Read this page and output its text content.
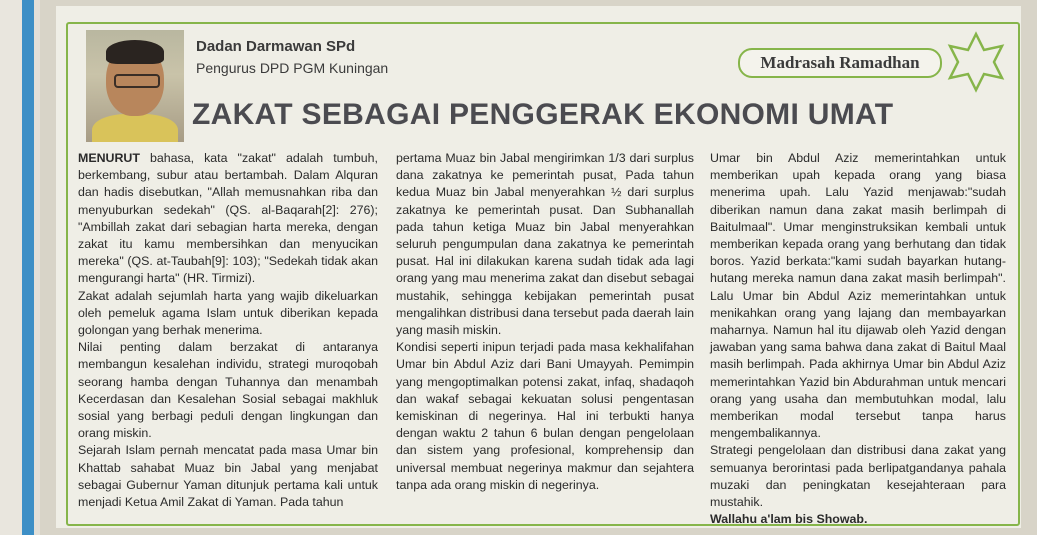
Dadan Darmawan SPd
Pengurus DPD PGM Kuningan	Madrasah Ramadhan
ZAKAT SEBAGAI PENGGERAK EKONOMI UMAT

MENURUT bahasa, kata "zakat" adalah tumbuh, berkembang, subur atau bertambah. Dalam Alquran dan hadis disebutkan, "Allah memusnahkan riba dan menyuburkan sedekah" (QS. al-Baqarah[2]: 276); "Ambillah zakat dari sebagian harta mereka, dengan zakat itu kamu membersihkan dan menyucikan mereka" (QS. at-Taubah[9]: 103); "Sedekah tidak akan mengurangi harta" (HR. Tirmizi).

Zakat adalah sejumlah harta yang wajib dikeluarkan oleh pemeluk agama Islam untuk diberikan kepada golongan yang berhak menerima.

Nilai penting dalam berzakat di antaranya membangun kesalehan individu, strategi muroqobah seorang hamba dengan Tuhannya dan menambah Kecerdasan dan Kesalehan Sosial sebagai makhluk sosial yang berbagi peduli dengan lingkungan dan orang miskin.

Sejarah Islam pernah mencatat pada masa Umar bin Khattab sahabat Muaz bin Jabal yang menjabat sebagai Gubernur Yaman ditunjuk pertama kali untuk menjadi Ketua Amil Zakat di Yaman. Pada tahun

pertama Muaz bin Jabal mengirimkan 1/3 dari surplus dana zakatnya ke pemerintah pusat, Pada tahun kedua Muaz bin Jabal menyerahkan ½ dari surplus zakatnya ke pemerintah pusat. Dan Subhanallah pada tahun ketiga Muaz bin Jabal menyerahkan seluruh pengumpulan dana zakatnya ke pemerintah pusat. Hal ini dilakukan karena sudah tidak ada lagi orang yang mau menerima zakat dan disebut sebagai mustahik, sehingga kebijakan pemerintah pusat mengalihkan distribusi dana tersebut pada daerah lain yang masih miskin.

Kondisi seperti inipun terjadi pada masa kekhalifahan Umar bin Abdul Aziz dari Bani Umayyah. Pemimpin yang mengoptimalkan potensi zakat, infaq, shadaqoh dan wakaf sebagai kekuatan solusi pengentasan kemiskinan di negerinya. Hal ini terbukti hanya dengan waktu 2 tahun 6 bulan dengan pengelolaan dan sistem yang profesional, komprehensip dan universal membuat negerinya makmur dan sejahtera tanpa ada orang miskin di negerinya.

Umar bin Abdul Aziz memerintahkan untuk memberikan upah kepada orang yang biasa menerima upah. Lalu Yazid menjawab:"sudah diberikan namun dana zakat masih berlimpah di Baitulmaal". Umar menginstruksikan kembali untuk memberikan kepada orang yang berhutang dan tidak boros. Yazid berkata:"kami sudah bayarkan hutang-hutang mereka namun dana zakat masih berlimpah". Lalu Umar bin Abdul Aziz memerintahkan untuk menikahkan orang yang lajang dan membayarkan maharnya. Namun hal itu dijawab oleh Yazid dengan jawaban yang sama bahwa dana zakat di Baitul Maal masih berlimpah. Pada akhirnya Umar bin Abdul Aziz memerintahkan Yazid bin Abdurahman untuk mencari orang yang usaha dan membutuhkan modal, lalu memberikan modal tersebut tanpa harus mengembalikannya.

Strategi pengelolaan dan distribusi dana zakat yang semuanya berorintasi pada berlipatgandanya pahala muzaki dan peningkatan kesejahteraan para mustahik.

Wallahu a'lam bis Showab.
